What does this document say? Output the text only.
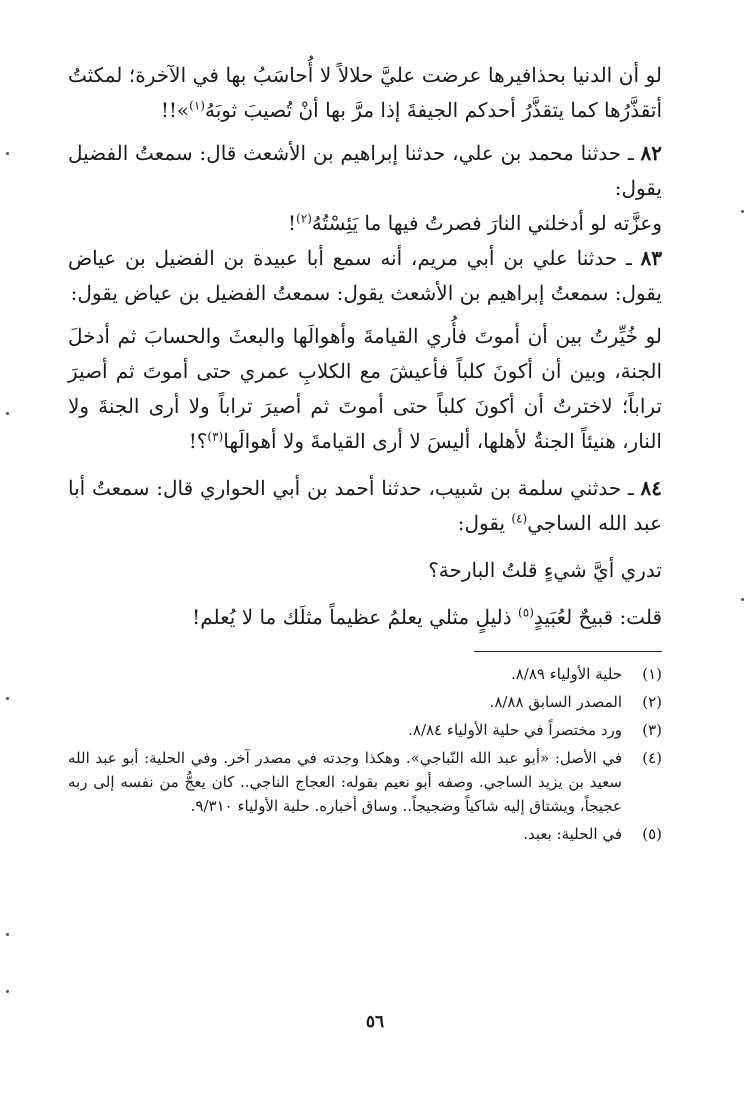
لو أن الدنيا بحذافيرها عرضت عليَّ حلالاً لا أُحاسَبُ بها في الآخرة؛ لمكثتُ أتقذَّرُها كما يتقذَّرُ أحدكم الجيفةَ إذا مرَّ بها أنْ تُصيبَ ثوبَهُ$^{(١)}$»!!

٨٢ ـ حدثنا محمد بن علي، حدثنا إبراهيم بن الأشعث قال: سمعتُ الفضيل يقول:

وعزَّته لو أدخلني النارَ فصرتُ فيها ما يَئِسْتُهُ$^{(٢)}$!

٨٣ ـ حدثنا علي بن أبي مريم، أنه سمع أبا عبيدة بن الفضيل بن عياض يقول: سمعتُ إبراهيم بن الأشعث يقول: سمعتُ الفضيل بن عياض يقول:

لو خُيِّرتُ بين أن أموتَ فأُري القيامةَ وأهوالَها والبعثَ والحسابَ ثم أدخلَ الجنة، وبين أن أكونَ كلباً فأعيشَ مع الكلابِ عمري حتى أموتَ ثم أصيرَ تراباً؛ لاخترتُ أن أكونَ كلباً حتى أموتَ ثم أصيرَ تراباً ولا أرى الجنةَ ولا النار، هنيئاً الجنةُ لأهلها، أليسَ لا أرى القيامةَ ولا أهوالَها$^{(٣)}$؟!

٨٤ ـ حدثني سلمة بن شبيب، حدثنا أحمد بن أبي الحواري قال: سمعتُ أبا عبد الله الساجي$^{(٤)}$ يقول:

تدري أيَّ شيءٍ قلتُ البارحة؟

قلت: قبيحٌ لعُبَيدٍ$^{(٥)}$ ذليلٍ مثلي يعلمُ عظيماً مثلَك ما لا يُعلم!

(١)
حلية الأولياء ٨/٨٩.
(٢)
المصدر السابق ٨/٨٨.
(٣)
ورد مختصراً في حلية الأولياء ٨/٨٤.
(٤)
في الأصل: «أبو عبد الله النّباجي». وهكذا وجدته في مصدر آخر. وفي الحلية: أبو عبد الله سعيد بن يزيد الساجي. وصفه أبو نعيم بقوله: العجاج الناجي.. كان يعجُّ من نفسه إلى ربه عجيجاً، ويشتاق إليه شاكياً وضجيجاً.. وساق أخباره. حلية الأولياء ٩/٣١٠.
(٥)
في الحلية: بعبد.
٥٦
